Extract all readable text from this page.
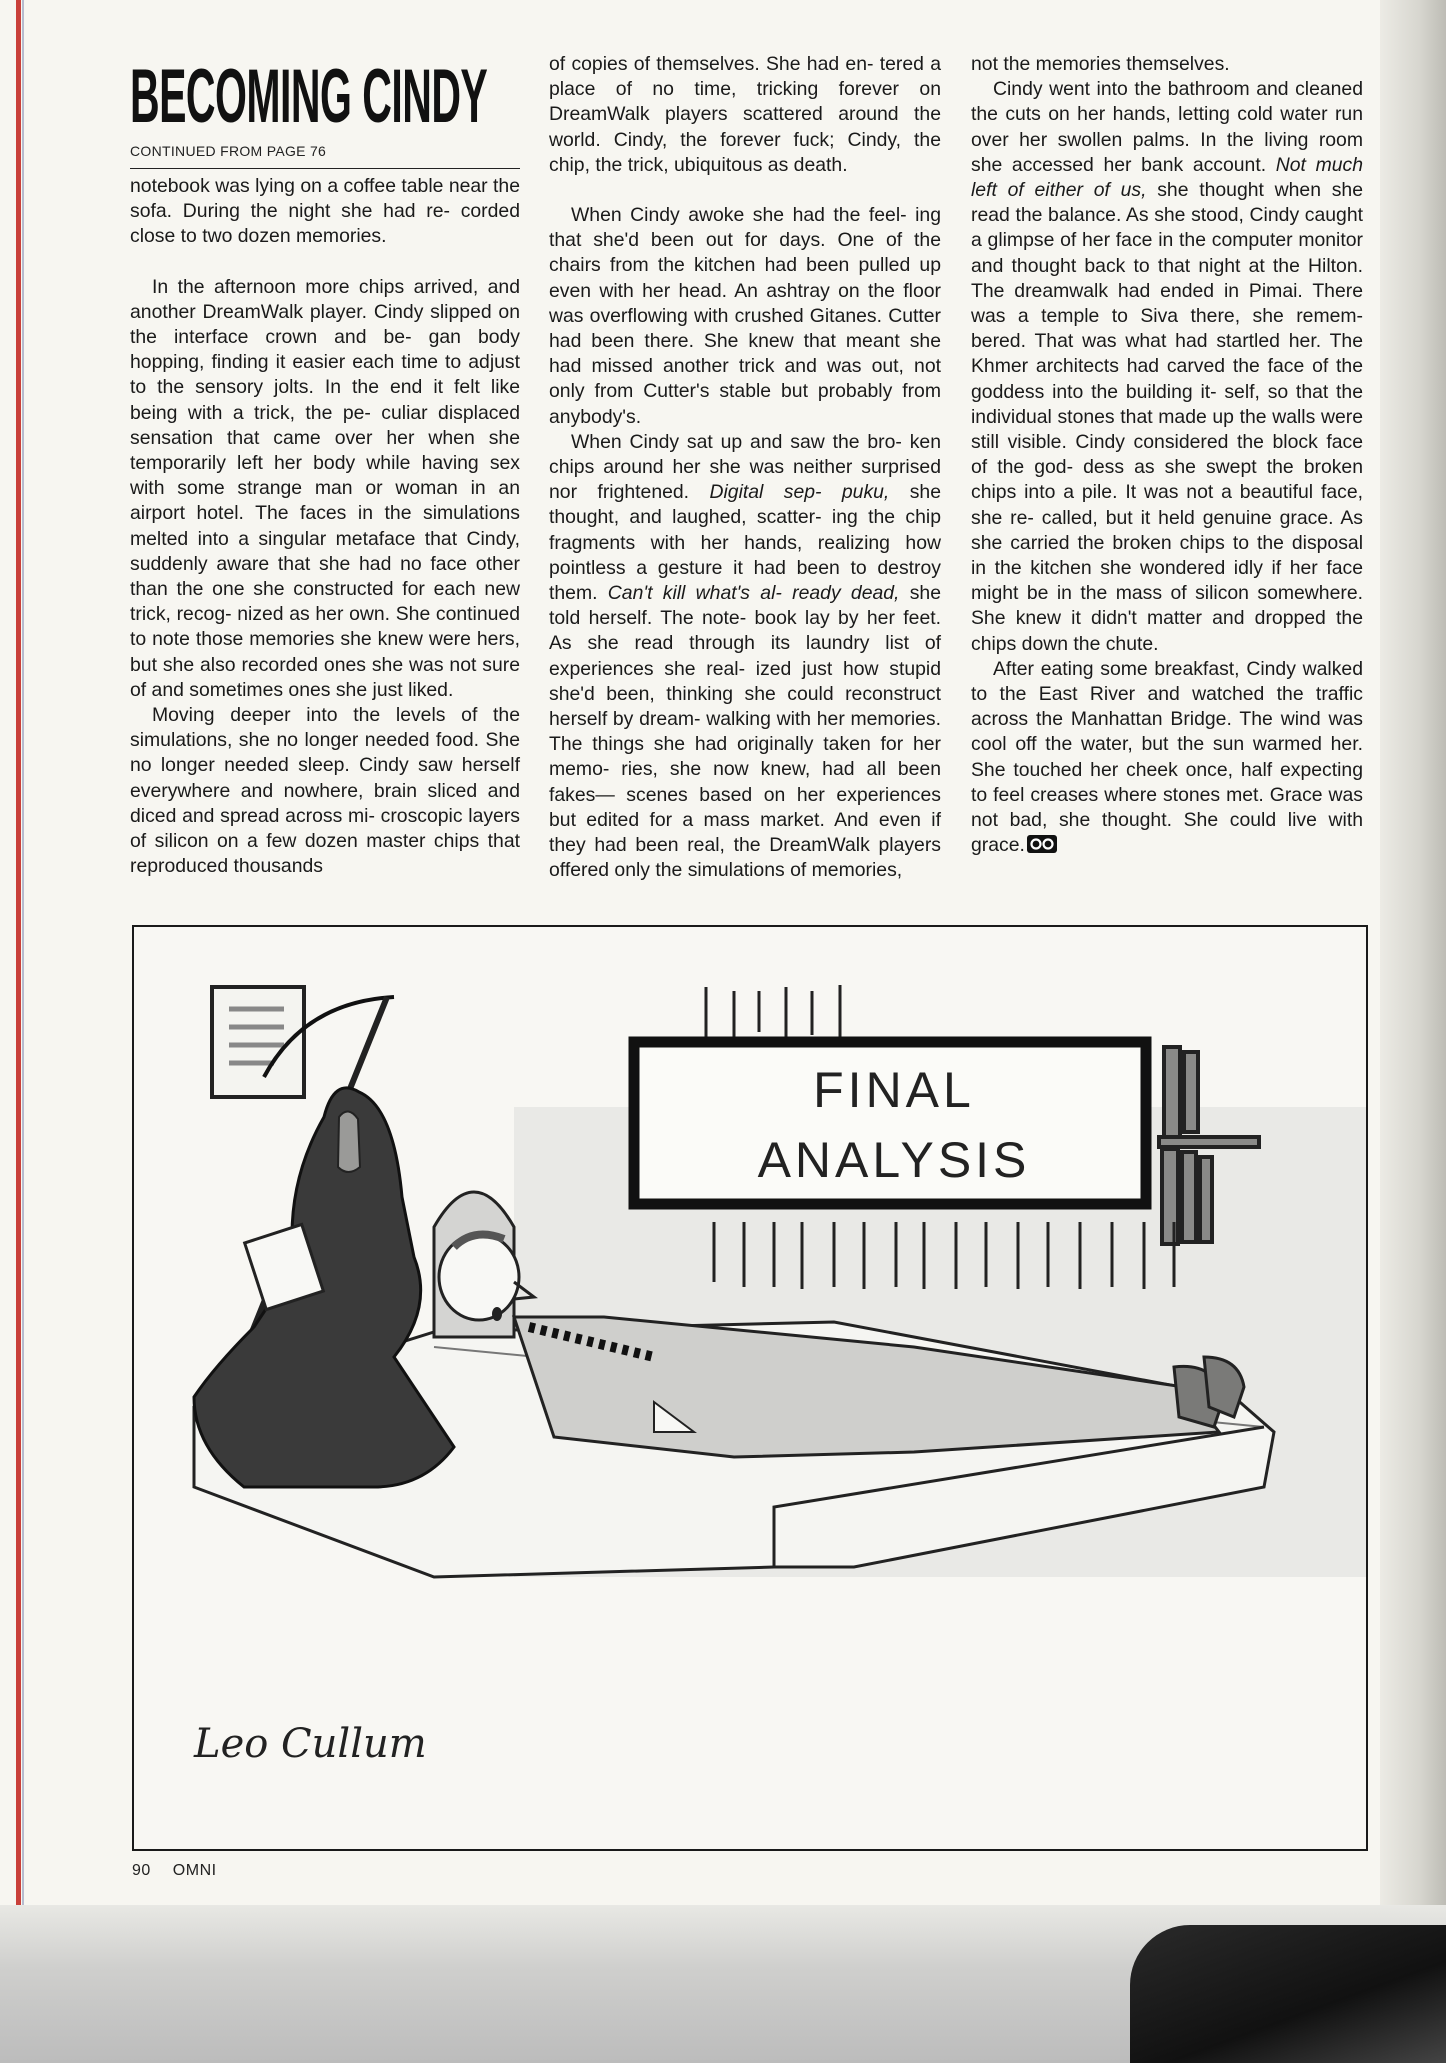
BECOMING CINDY
CONTINUED FROM PAGE 76

notebook was lying on a coffee table near the sofa. During the night she had re- corded close to two dozen memories.

In the afternoon more chips arrived, and another DreamWalk player. Cindy slipped on the interface crown and be- gan body hopping, finding it easier each time to adjust to the sensory jolts. In the end it felt like being with a trick, the pe- culiar displaced sensation that came over her when she temporarily left her body while having sex with some strange man or woman in an airport hotel. The faces in the simulations melted into a singular metaface that Cindy, suddenly aware that she had no face other than the one she constructed for each new trick, recog- nized as her own. She continued to note those memories she knew were hers, but she also recorded ones she was not sure of and sometimes ones she just liked.

Moving deeper into the levels of the simulations, she no longer needed food. She no longer needed sleep. Cindy saw herself everywhere and nowhere, brain sliced and diced and spread across mi- croscopic layers of silicon on a few dozen master chips that reproduced thousands

of copies of themselves. She had en- tered a place of no time, tricking forever on DreamWalk players scattered around the world. Cindy, the forever fuck; Cindy, the chip, the trick, ubiquitous as death.

When Cindy awoke she had the feel- ing that she'd been out for days. One of the chairs from the kitchen had been pulled up even with her head. An ashtray on the floor was overflowing with crushed Gitanes. Cutter had been there. She knew that meant she had missed another trick and was out, not only from Cutter's stable but probably from anybody's.

When Cindy sat up and saw the bro- ken chips around her she was neither surprised nor frightened. Digital sep- puku, she thought, and laughed, scatter- ing the chip fragments with her hands, realizing how pointless a gesture it had been to destroy them. Can't kill what's al- ready dead, she told herself. The note- book lay by her feet. As she read through its laundry list of experiences she real- ized just how stupid she'd been, thinking she could reconstruct herself by dream- walking with her memories. The things she had originally taken for her memo- ries, she now knew, had all been fakes— scenes based on her experiences but edited for a mass market. And even if they had been real, the DreamWalk players offered only the simulations of memories,

not the memories themselves.

Cindy went into the bathroom and cleaned the cuts on her hands, letting cold water run over her swollen palms. In the living room she accessed her bank account. Not much left of either of us, she thought when she read the balance. As she stood, Cindy caught a glimpse of her face in the computer monitor and thought back to that night at the Hilton. The dreamwalk had ended in Pimai. There was a temple to Siva there, she remem- bered. That was what had startled her. The Khmer architects had carved the face of the goddess into the building it- self, so that the individual stones that made up the walls were still visible. Cindy considered the block face of the god- dess as she swept the broken chips into a pile. It was not a beautiful face, she re- called, but it held genuine grace. As she carried the broken chips to the disposal in the kitchen she wondered idly if her face might be in the mass of silicon somewhere. She knew it didn't matter and dropped the chips down the chute.

After eating some breakfast, Cindy walked to the East River and watched the traffic across the Manhattan Bridge. The wind was cool off the water, but the sun warmed her. She touched her cheek once, half expecting to feel creases where stones met. Grace was not bad, she thought. She could live with grace.

FINAL
ANALYSIS
Leo Cullum
90 OMNI
